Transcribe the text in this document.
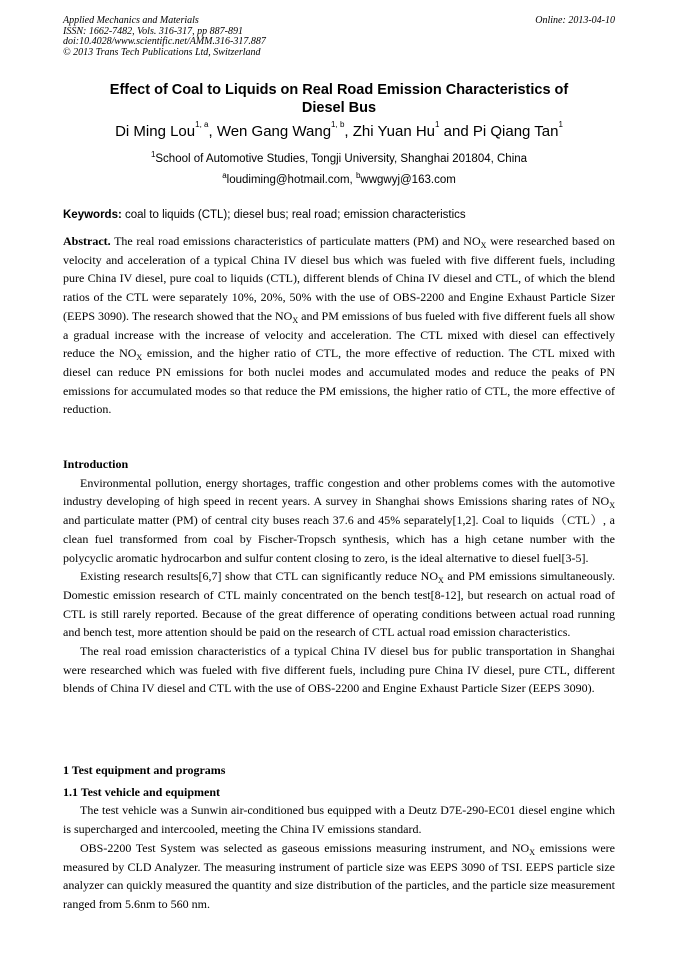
Applied Mechanics and Materials
ISSN: 1662-7482, Vols. 316-317, pp 887-891
doi:10.4028/www.scientific.net/AMM.316-317.887
© 2013 Trans Tech Publications Ltd, Switzerland
Online: 2013-04-10
Effect of Coal to Liquids on Real Road Emission Characteristics of
Diesel Bus
Di Ming Lou$^{1, a}$, Wen Gang Wang$^{1, b}$, Zhi Yuan Hu$^1$ and Pi Qiang Tan$^1$
$^1$School of Automotive Studies, Tongji University, Shanghai 201804, China
$^a$loudiming@hotmail.com, $^b$wwgwyj@163.com
Keywords: coal to liquids (CTL); diesel bus; real road; emission characteristics

Abstract. The real road emissions characteristics of particulate matters (PM) and $NO_X$ were researched based on velocity and acceleration of a typical China IV diesel bus which was fueled with five different fuels, including pure China IV diesel, pure coal to liquids (CTL), different blends of China IV diesel and CTL, of which the blend ratios of the CTL were separately 10%, 20%, 50% with the use of OBS-2200 and Engine Exhaust Particle Sizer (EEPS 3090). The research showed that the $NO_X$ and PM emissions of bus fueled with five different fuels all show a gradual increase with the increase of velocity and acceleration. The CTL mixed with diesel can effectively reduce the $NO_X$ emission, and the higher ratio of CTL, the more effective of reduction. The CTL mixed with diesel can reduce PN emissions for both nuclei modes and accumulated modes and reduce the peaks of PN emissions for accumulated modes so that reduce the PM emissions, the higher ratio of CTL, the more effective of reduction.

Introduction

Environmental pollution, energy shortages, traffic congestion and other problems comes with the automotive industry developing of high speed in recent years. A survey in Shanghai shows Emissions sharing rates of $NO_X$ and particulate matter (PM) of central city buses reach 37.6 and 45% separately[1,2]. Coal to liquids（CTL）, a clean fuel transformed from coal by Fischer-Tropsch synthesis, which has a high cetane number with the polycyclic aromatic hydrocarbon and sulfur content closing to zero, is the ideal alternative to diesel fuel[3-5].

Existing research results[6,7] show that CTL can significantly reduce $NO_X$ and PM emissions simultaneously. Domestic emission research of CTL mainly concentrated on the bench test[8-12], but research on actual road of CTL is still rarely reported. Because of the great difference of operating conditions between actual road running and bench test, more attention should be paid on the research of CTL actual road emission characteristics.

The real road emission characteristics of a typical China IV diesel bus for public transportation in Shanghai were researched which was fueled with five different fuels, including pure China IV diesel, pure CTL, different blends of China IV diesel and CTL with the use of OBS-2200 and Engine Exhaust Particle Sizer (EEPS 3090).

1 Test equipment and programs

1.1 Test vehicle and equipment

The test vehicle was a Sunwin air-conditioned bus equipped with a Deutz D7E-290-EC01 diesel engine which is supercharged and intercooled, meeting the China IV emissions standard.

OBS-2200 Test System was selected as gaseous emissions measuring instrument, and $NO_X$ emissions were measured by CLD Analyzer. The measuring instrument of particle size was EEPS 3090 of TSI. EEPS particle size analyzer can quickly measured the quantity and size distribution of the particles, and the particle size measurement ranged from 5.6nm to 560 nm.
